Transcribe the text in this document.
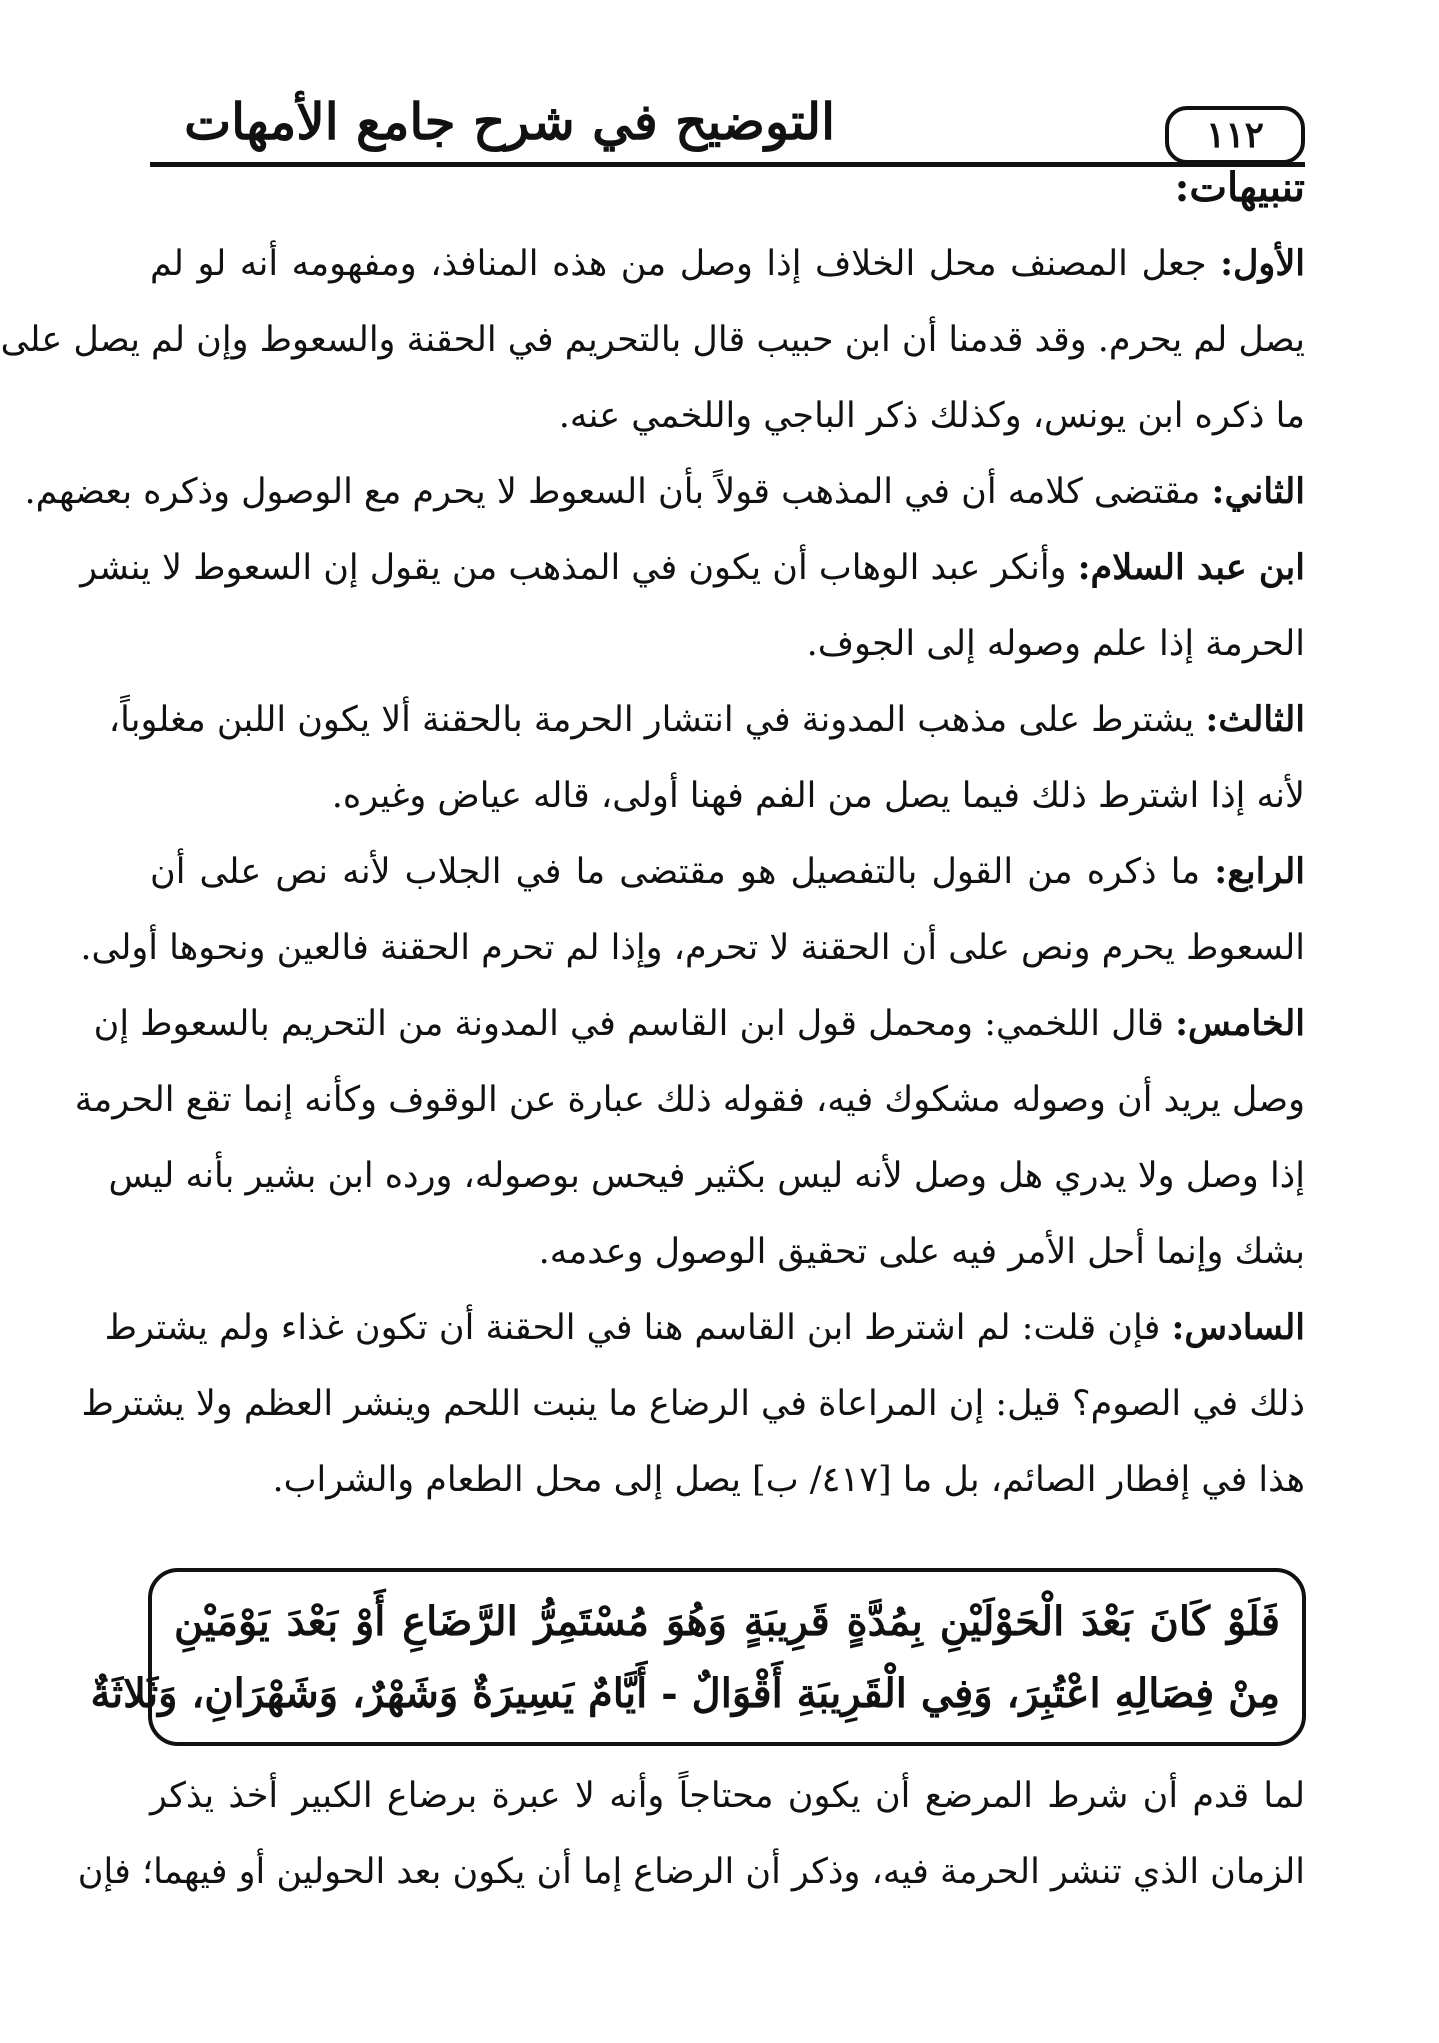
التوضيح في شرح جامع الأمهات	١١٢
تنبيهات:
الأول: جعل المصنف محل الخلاف إذا وصل من هذه المنافذ، ومفهومه أنه لو لم
يصل لم يحرم. وقد قدمنا أن ابن حبيب قال بالتحريم في الحقنة والسعوط وإن لم يصل على
ما ذكره ابن يونس، وكذلك ذكر الباجي واللخمي عنه.
الثاني: مقتضى كلامه أن في المذهب قولاً بأن السعوط لا يحرم مع الوصول وذكره بعضهم.
ابن عبد السلام: وأنكر عبد الوهاب أن يكون في المذهب من يقول إن السعوط لا ينشر
الحرمة إذا علم وصوله إلى الجوف.
الثالث: يشترط على مذهب المدونة في انتشار الحرمة بالحقنة ألا يكون اللبن مغلوباً،
لأنه إذا اشترط ذلك فيما يصل من الفم فهنا أولى، قاله عياض وغيره.
الرابع: ما ذكره من القول بالتفصيل هو مقتضى ما في الجلاب لأنه نص على أن
السعوط يحرم ونص على أن الحقنة لا تحرم، وإذا لم تحرم الحقنة فالعين ونحوها أولى.
الخامس: قال اللخمي: ومحمل قول ابن القاسم في المدونة من التحريم بالسعوط إن
وصل يريد أن وصوله مشكوك فيه، فقوله ذلك عبارة عن الوقوف وكأنه إنما تقع الحرمة
إذا وصل ولا يدري هل وصل لأنه ليس بكثير فيحس بوصوله، ورده ابن بشير بأنه ليس
بشك وإنما أحل الأمر فيه على تحقيق الوصول وعدمه.
السادس: فإن قلت: لم اشترط ابن القاسم هنا في الحقنة أن تكون غذاء ولم يشترط
ذلك في الصوم؟ قيل: إن المراعاة في الرضاع ما ينبت اللحم وينشر العظم ولا يشترط
هذا في إفطار الصائم، بل ما [٤١٧/ ب] يصل إلى محل الطعام والشراب.
فَلَوْ كَانَ بَعْدَ الْحَوْلَيْنِ بِمُدَّةٍ قَرِيبَةٍ وَهُوَ مُسْتَمِرُّ الرَّضَاعِ أَوْ بَعْدَ يَوْمَيْنِ
مِنْ فِصَالِهِ اعْتُبِرَ، وَفِي الْقَرِيبَةِ أَقْوَالٌ - أَيَّامٌ يَسِيرَةٌ وَشَهْرٌ، وَشَهْرَانِ، وَثَلاثَةٌ
لما قدم أن شرط المرضع أن يكون محتاجاً وأنه لا عبرة برضاع الكبير أخذ يذكر
الزمان الذي تنشر الحرمة فيه، وذكر أن الرضاع إما أن يكون بعد الحولين أو فيهما؛ فإن
